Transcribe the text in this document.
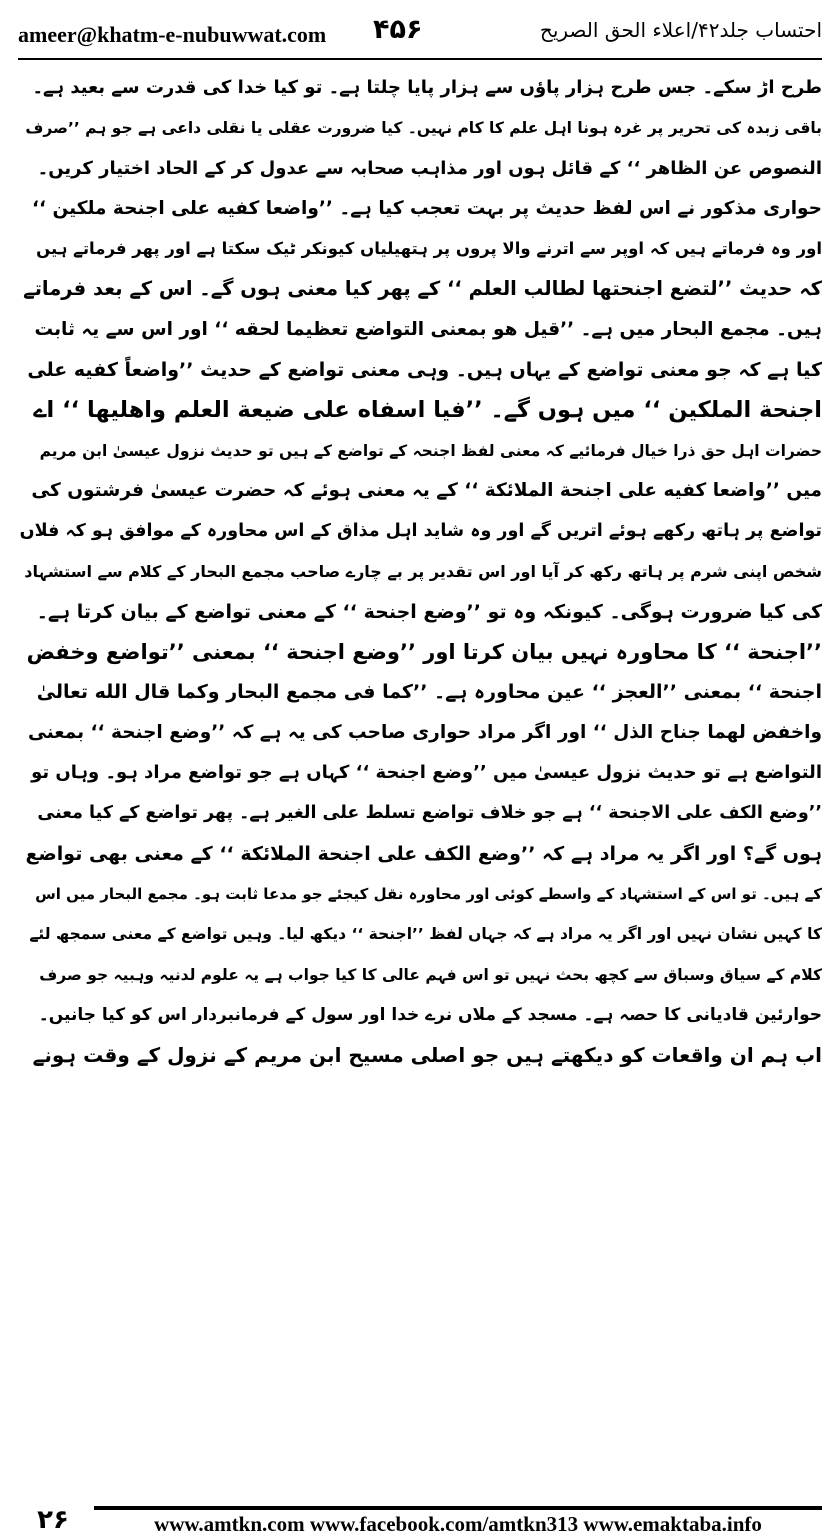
ameer@khatm-e-nubuwwat.com ۴۵۶	احتساب جلد۴۲/اعلاء الحق الصریح
طرح اڑ سکے۔ جس طرح ہزار پاؤں سے ہزار پایا چلتا ہے۔ تو کیا خدا کی قدرت سے بعید ہے۔
باقی زبدہ کی تحریر پر غرہ ہونا اہل علم کا کام نہیں۔ کیا ضرورت عقلی یا نقلی داعی ہے جو ہم ’’صرف
النصوص عن الظاهر ‘‘ کے قائل ہوں اور مذاہب صحابہ سے عدول کر کے الحاد اختیار کریں۔
حواری مذکور نے اس لفظ حدیث پر بہت تعجب کیا ہے۔ ’’واضعا کفیه علی اجنحة ملکین ‘‘
اور وہ فرماتے ہیں کہ اوپر سے اترنے والا پروں پر ہتھیلیاں کیونکر ٹیک سکتا ہے اور پھر فرماتے ہیں
کہ حدیث ’’لتضع اجنحتها لطالب العلم ‘‘ کے پھر کیا معنی ہوں گے۔ اس کے بعد فرماتے
ہیں۔ مجمع البحار میں ہے۔ ’’قیل هو بمعنی التواضع تعظیما لحقه ‘‘ اور اس سے یہ ثابت
کیا ہے کہ جو معنی تواضع کے یہاں ہیں۔ وہی معنی تواضع کے حدیث ’’واضعاً کفیه علی
اجنحة الملکین ‘‘ میں ہوں گے۔ ’’فیا اسفاه علی ضیعة العلم واهلیها ‘‘ اے
حضرات اہل حق ذرا خیال فرمائیے کہ معنی لفظ اجنحہ کے تواضع کے ہیں تو حدیث نزول عیسیٰ ابن مریم
میں ’’واضعا کفیه علی اجنحة الملائکة ‘‘ کے یہ معنی ہوئے کہ حضرت عیسیٰ فرشتوں کی
تواضع پر ہاتھ رکھے ہوئے اتریں گے اور وہ شاید اہل مذاق کے اس محاورہ کے موافق ہو کہ فلاں
شخص اپنی شرم پر ہاتھ رکھ کر آیا اور اس تقدیر پر بے چارے صاحب مجمع البحار کے کلام سے استشہاد
کی کیا ضرورت ہوگی۔ کیونکہ وہ تو ’’وضع اجنحة ‘‘ کے معنی تواضع کے بیان کرتا ہے۔
’’اجنحة ‘‘ کا محاورہ نہیں بیان کرتا اور ’’وضع اجنحة ‘‘ بمعنی ’’تواضع وخفض
اجنحة ‘‘ بمعنی ’’العجز ‘‘ عین محاورہ ہے۔ ’’کما فی مجمع البحار وکما قال الله تعالیٰ
واخفض لهما جناح الذل ‘‘ اور اگر مراد حواری صاحب کی یہ ہے کہ ’’وضع اجنحة ‘‘ بمعنی
التواضع ہے تو حدیث نزول عیسیٰ میں ’’وضع اجنحة ‘‘ کہاں ہے جو تواضع مراد ہو۔ وہاں تو
’’وضع الکف علی الاجنحة ‘‘ ہے جو خلاف تواضع تسلط علی الغیر ہے۔ پھر تواضع کے کیا معنی
ہوں گے؟ اور اگر یہ مراد ہے کہ ’’وضع الکف علی اجنحة الملائکة ‘‘ کے معنی بھی تواضع
کے ہیں۔ تو اس کے استشہاد کے واسطے کوئی اور محاورہ نقل کیجئے جو مدعا ثابت ہو۔ مجمع البحار میں اس
کا کہیں نشان نہیں اور اگر یہ مراد ہے کہ جہاں لفظ ’’اجنحة ‘‘ دیکھ لیا۔ وہیں تواضع کے معنی سمجھ لئے
کلام کے سیاق وسباق سے کچھ بحث نہیں تو اس فہم عالی کا کیا جواب ہے یہ علوم لدنیہ وہبیہ جو صرف
حوارئین قادیانی کا حصہ ہے۔ مسجد کے ملاں نرے خدا اور سول کے فرمانبردار اس کو کیا جانیں۔
اب ہم ان واقعات کو دیکھتے ہیں جو اصلی مسیح ابن مریم کے نزول کے وقت ہونے
۲۶	www.amtkn.com www.facebook.com/amtkn313 www.emaktaba.info
